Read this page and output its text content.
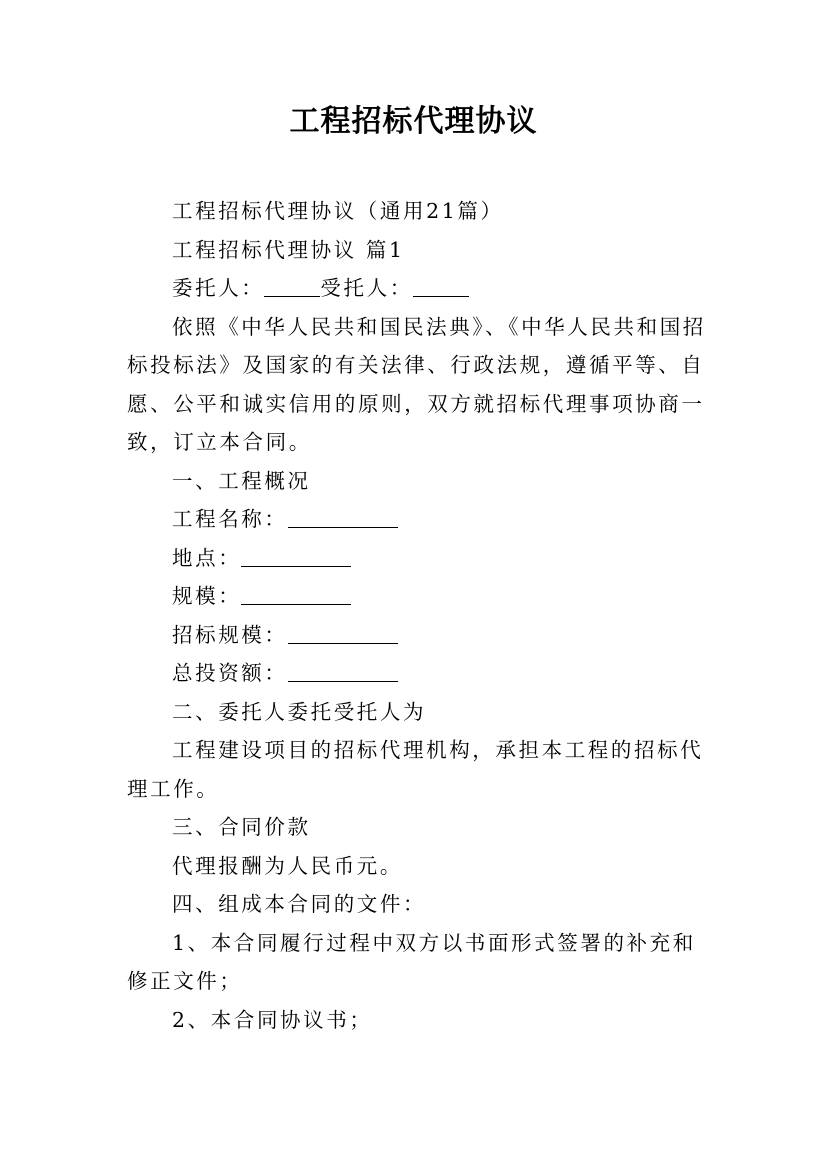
工程招标代理协议

工程招标代理协议（通用21篇）

工程招标代理协议 篇1

委托人：	受托人：

依照《中华人民共和国民法典》、《中华人民共和国招标投标法》及国家的有关法律、行政法规，遵循平等、自愿、公平和诚实信用的原则，双方就招标代理事项协商一致，订立本合同。

一、工程概况

工程名称：

地点：

规模：

招标规模：

总投资额：

二、委托人委托受托人为

工程建设项目的招标代理机构，承担本工程的招标代理工作。

三、合同价款

代理报酬为人民币元。

四、组成本合同的文件：

1、本合同履行过程中双方以书面形式签署的补充和修正文件；

2、本合同协议书；
